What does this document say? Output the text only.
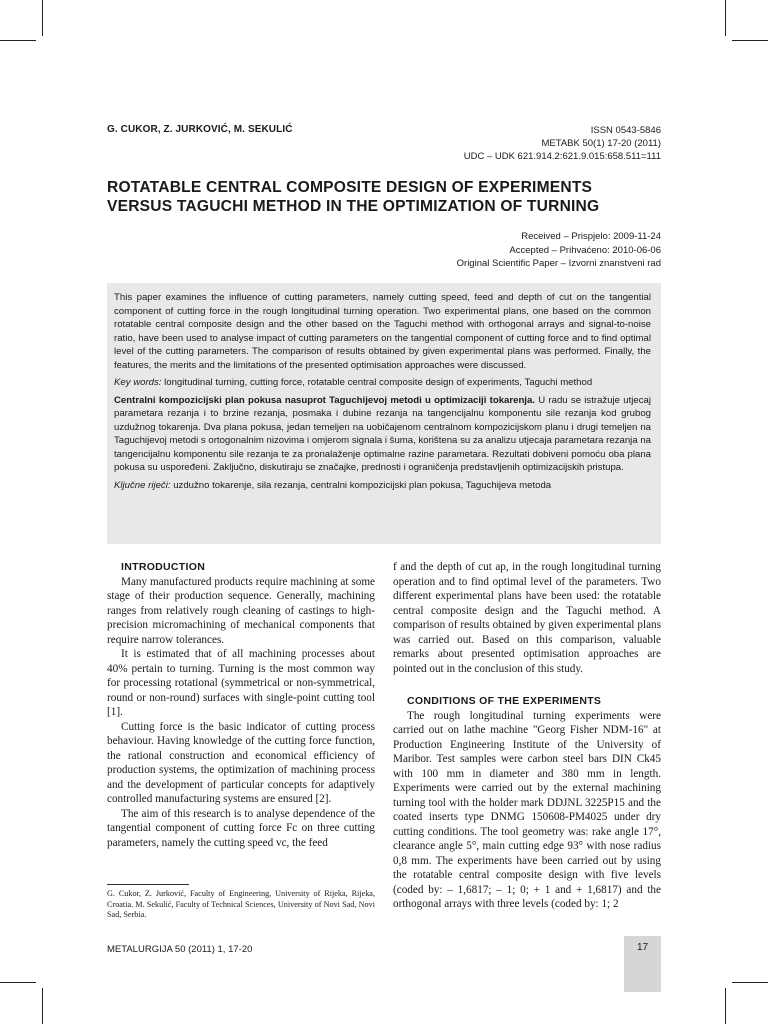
G. CUKOR, Z. JURKOVIĆ, M. SEKULIĆ	ISSN 0543-5846
METABK 50(1) 17-20 (2011)
UDC – UDK 621.914.2:621.9.015:658.511=111
ROTATABLE CENTRAL COMPOSITE DESIGN OF EXPERIMENTS
VERSUS TAGUCHI METHOD IN THE OPTIMIZATION OF TURNING
Received – Prispjelo: 2009-11-24
Accepted – Prihvaćeno: 2010-06-06
Original Scientific Paper – Izvorni znanstveni rad

This paper examines the influence of cutting parameters, namely cutting speed, feed and depth of cut on the tangential component of cutting force in the rough longitudinal turning operation. Two experimental plans, one based on the common rotatable central composite design and the other based on the Taguchi method with orthogonal arrays and signal-to-noise ratio, have been used to analyse impact of cutting parameters on the tangential component of cutting force and to find optimal level of the cutting parameters. The comparison of results obtained by given experimental plans was performed. Finally, the features, the merits and the limitations of the presented optimisation approaches were discussed.

Key words: longitudinal turning, cutting force, rotatable central composite design of experiments, Taguchi method

Centralni kompozicijski plan pokusa nasuprot Taguchijevoj metodi u optimizaciji tokarenja. U radu se istražuje utjecaj parametara rezanja i to brzine rezanja, posmaka i dubine rezanja na tangencijalnu komponentu sile rezanja kod grubog uzdužnog tokarenja. Dva plana pokusa, jedan temeljen na uobičajenom centralnom kompozicijskom planu i drugi temeljen na Taguchijevoj metodi s ortogonalnim nizovima i omjerom signala i šuma, korištena su za analizu utjecaja parametara rezanja na tangencijalnu komponentu sile rezanja te za pronalaženje optimalne razine parametara. Rezultati dobiveni pomoću oba plana pokusa su uspoređeni. Zaključno, diskutiraju se značajke, prednosti i ograničenja predstavljenih optimizacijskih pristupa.

Ključne riječi: uzdužno tokarenje, sila rezanja, centralni kompozicijski plan pokusa, Taguchijeva metoda

INTRODUCTION

Many manufactured products require machining at some stage of their production sequence. Generally, machining ranges from relatively rough cleaning of castings to high-precision micromachining of mechanical components that require narrow tolerances.

It is estimated that of all machining processes about 40% pertain to turning. Turning is the most common way for processing rotational (symmetrical or non-symmetrical, round or non-round) surfaces with single-point cutting tool [1].

Cutting force is the basic indicator of cutting process behaviour. Having knowledge of the cutting force function, the rational construction and economical efficiency of production systems, the optimization of machining process and the development of particular concepts for adaptively controlled manufacturing systems are ensured [2].

The aim of this research is to analyse dependence of the tangential component of cutting force Fc on three cutting parameters, namely the cutting speed vc, the feed

f and the depth of cut ap, in the rough longitudinal turning operation and to find optimal level of the parameters. Two different experimental plans have been used: the rotatable central composite design and the Taguchi method. A comparison of results obtained by given experimental plans was carried out. Based on this comparison, valuable remarks about presented optimisation approaches are pointed out in the conclusion of this study.

CONDITIONS OF THE EXPERIMENTS

The rough longitudinal turning experiments were carried out on lathe machine "Georg Fisher NDM-16" at Production Engineering Institute of the University of Maribor. Test samples were carbon steel bars DIN Ck45 with 100 mm in diameter and 380 mm in length. Experiments were carried out by the external machining turning tool with the holder mark DDJNL 3225P15 and the coated inserts type DNMG 150608-PM4025 under dry cutting conditions. The tool geometry was: rake angle 17°, clearance angle 5°, main cutting edge 93° with nose radius 0,8 mm. The experiments have been carried out by using the rotatable central composite design with five levels (coded by: – 1,6817; – 1; 0; + 1 and + 1,6817) and the orthogonal arrays with three levels (coded by: 1; 2

G. Cukor, Z. Jurković, Faculty of Engineering, University of Rijeka, Rijeka, Croatia. M. Sekulić, Faculty of Technical Sciences, University of Novi Sad, Novi Sad, Serbia.
METALURGIJA 50 (2011) 1, 17-20	17
